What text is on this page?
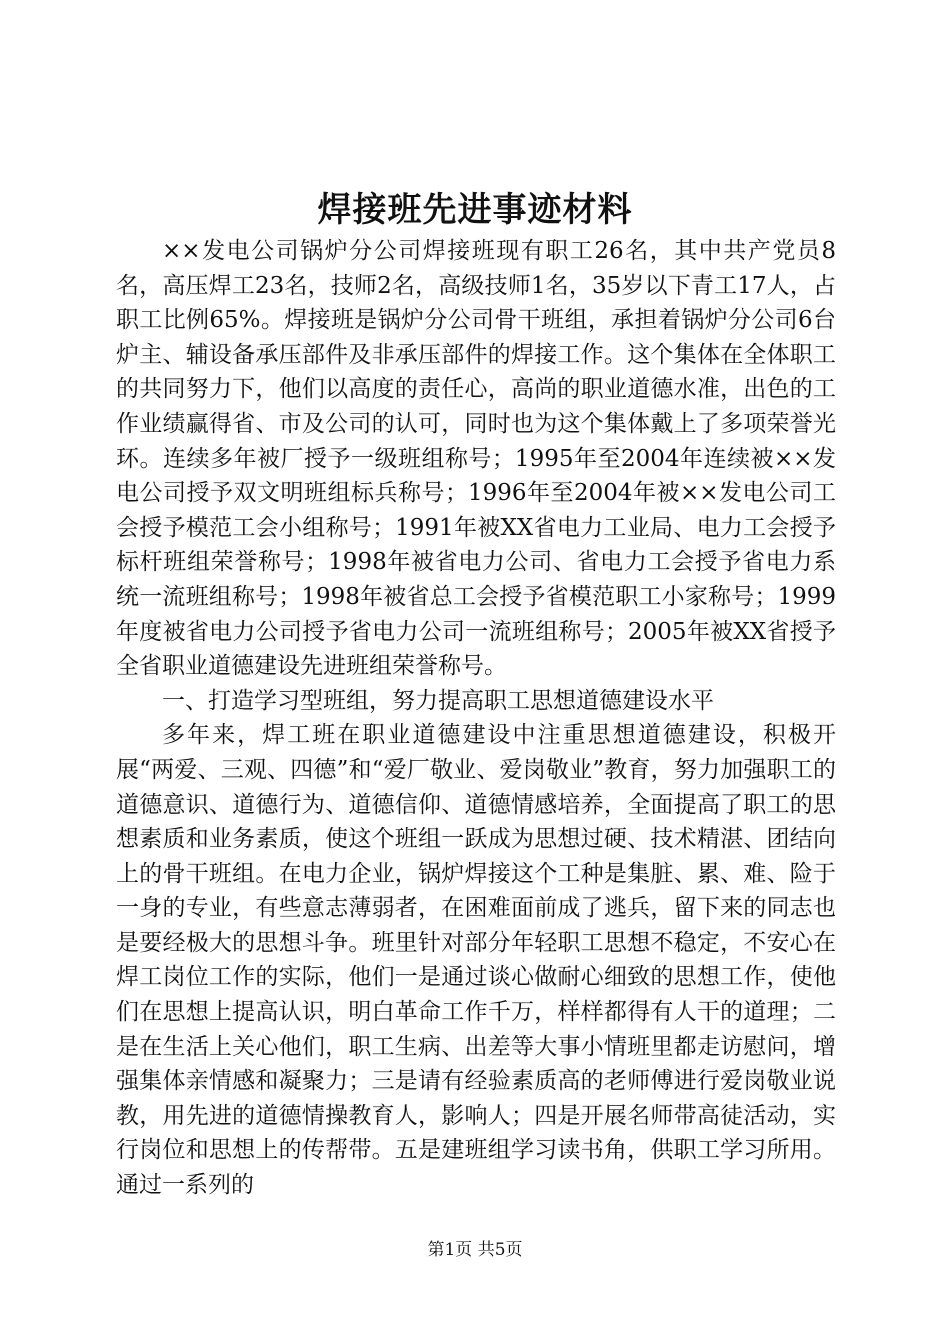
焊接班先进事迹材料

××发电公司锅炉分公司焊接班现有职工26名，其中共产党员8名，高压焊工23名，技师2名，高级技师1名，35岁以下青工17人，占职工比例65%。焊接班是锅炉分公司骨干班组，承担着锅炉分公司6台炉主、辅设备承压部件及非承压部件的焊接工作。这个集体在全体职工的共同努力下，他们以高度的责任心，高尚的职业道德水准，出色的工作业绩赢得省、市及公司的认可，同时也为这个集体戴上了多项荣誉光环。连续多年被厂授予一级班组称号；1995年至2004年连续被××发电公司授予双文明班组标兵称号；1996年至2004年被××发电公司工会授予模范工会小组称号；1991年被XX省电力工业局、电力工会授予标杆班组荣誉称号；1998年被省电力公司、省电力工会授予省电力系统一流班组称号；1998年被省总工会授予省模范职工小家称号；1999年度被省电力公司授予省电力公司一流班组称号；2005年被XX省授予全省职业道德建设先进班组荣誉称号。

一、打造学习型班组，努力提高职工思想道德建设水平

多年来，焊工班在职业道德建设中注重思想道德建设，积极开展“两爱、三观、四德”和“爱厂敬业、爱岗敬业”教育，努力加强职工的道德意识、道德行为、道德信仰、道德情感培养，全面提高了职工的思想素质和业务素质，使这个班组一跃成为思想过硬、技术精湛、团结向上的骨干班组。在电力企业，锅炉焊接这个工种是集脏、累、难、险于一身的专业，有些意志薄弱者，在困难面前成了逃兵，留下来的同志也是要经极大的思想斗争。班里针对部分年轻职工思想不稳定，不安心在焊工岗位工作的实际，他们一是通过谈心做耐心细致的思想工作，使他们在思想上提高认识，明白革命工作千万，样样都得有人干的道理；二是在生活上关心他们，职工生病、出差等大事小情班里都走访慰问，增强集体亲情感和凝聚力；三是请有经验素质高的老师傅进行爱岗敬业说教，用先进的道德情操教育人，影响人；四是开展名师带高徒活动，实行岗位和思想上的传帮带。五是建班组学习读书角，供职工学习所用。通过一系列的

第1页 共5页
